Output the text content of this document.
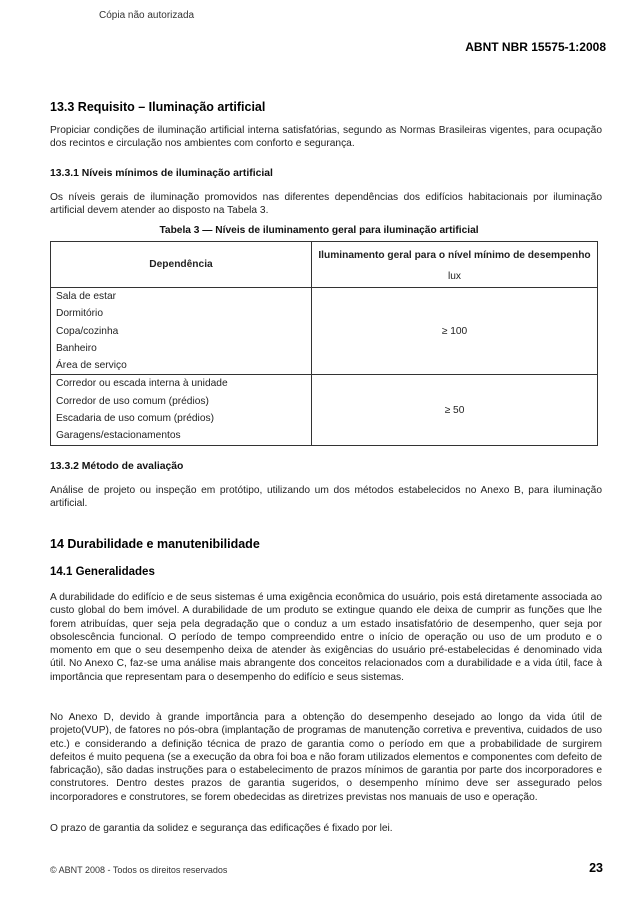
Cópia não autorizada
ABNT NBR 15575-1:2008
13.3 Requisito – Iluminação artificial
Propiciar condições de iluminação artificial interna satisfatórias, segundo as Normas Brasileiras vigentes, para ocupação dos recintos e circulação nos ambientes com conforto e segurança.
13.3.1 Níveis mínimos de iluminação artificial
Os níveis gerais de iluminação promovidos nas diferentes dependências dos edifícios habitacionais por iluminação artificial devem atender ao disposto na Tabela 3.
Tabela 3 — Níveis de iluminamento geral para iluminação artificial
Dependência	Iluminamento geral para o nível mínimo de desempenho
	lux

Sala de estar
Dormitório
Copa/cozinha
Banheiro
Área de serviço	≥ 100

Corredor ou escada interna à unidade
Corredor de uso comum (prédios)
Escadaria de uso comum (prédios)
Garagens/estacionamentos	≥ 50
13.3.2 Método de avaliação
Análise de projeto ou inspeção em protótipo, utilizando um dos métodos estabelecidos no Anexo B, para iluminação artificial.
14 Durabilidade e manutenibilidade
14.1 Generalidades
A durabilidade do edifício e de seus sistemas é uma exigência econômica do usuário, pois está diretamente associada ao custo global do bem imóvel. A durabilidade de um produto se extingue quando ele deixa de cumprir as funções que lhe forem atribuídas, quer seja pela degradação que o conduz a um estado insatisfatório de desempenho, quer seja por obsolescência funcional. O período de tempo compreendido entre o início de operação ou uso de um produto e o momento em que o seu desempenho deixa de atender às exigências do usuário pré-estabelecidas é denominado vida útil. No Anexo C, faz-se uma análise mais abrangente dos conceitos relacionados com a durabilidade e a vida útil, face à importância que representam para o desempenho do edifício e seus sistemas.
No Anexo D, devido à grande importância para a obtenção do desempenho desejado ao longo da vida útil de projeto(VUP), de fatores no pós-obra (implantação de programas de manutenção corretiva e preventiva, cuidados de uso etc.) e considerando a definição técnica de prazo de garantia como o período em que a probabilidade de surgirem defeitos é muito pequena (se a execução da obra foi boa e não foram utilizados elementos e componentes com defeito de fabricação), são dadas instruções para o estabelecimento de prazos mínimos de garantia por parte dos incorporadores e construtores. Dentro destes prazos de garantia sugeridos, o desempenho mínimo deve ser assegurado pelos incorporadores e construtores, se forem obedecidas as diretrizes previstas nos manuais de uso e operação.
O prazo de garantia da solidez e segurança das edificações é fixado por lei.
© ABNT 2008 - Todos os direitos reservados	23
